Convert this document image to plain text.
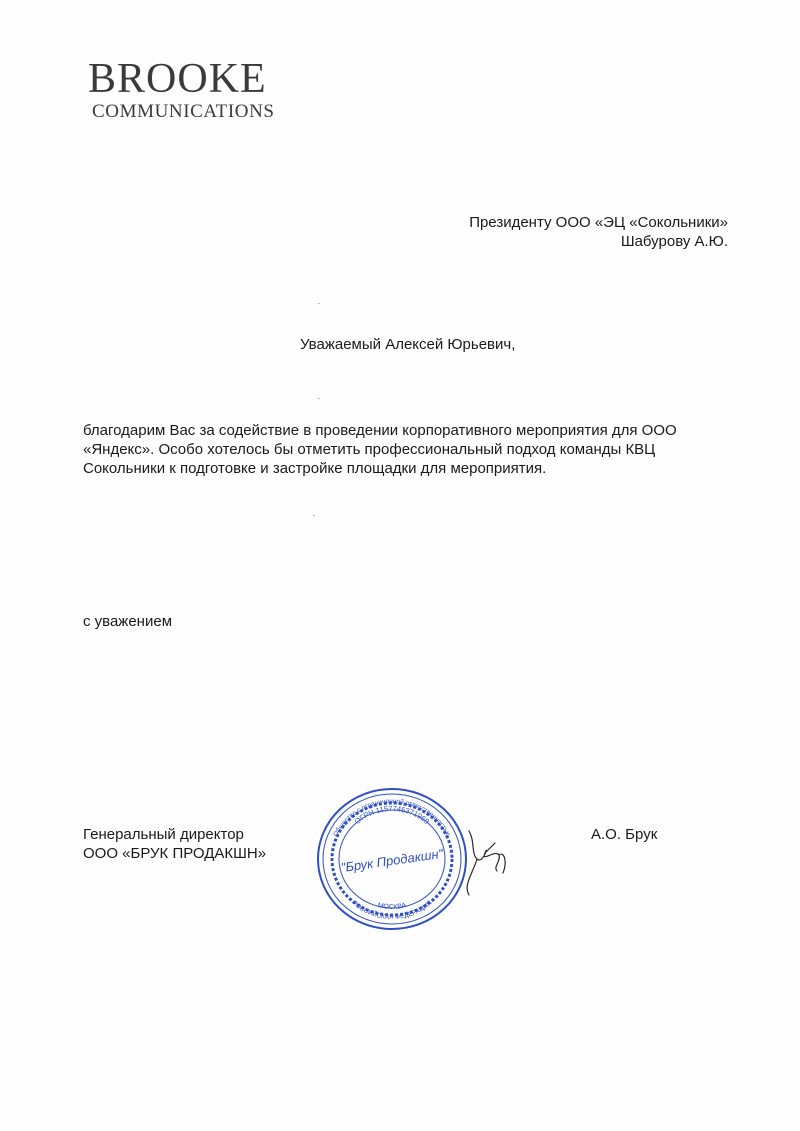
BROOKE
COMMUNICATIONS
Президенту ООО «ЭЦ «Сокольники»
Шабурову А.Ю.
Уважаемый Алексей Юрьевич,

благодарим Вас за содействие в проведении корпоративного мероприятия для ООО

«Яндекс». Особо хотелось бы отметить профессиональный подход команды КВЦ

Сокольники к подготовке и застройке площадки для мероприятия.

с уважением
Генеральный директор
ООО «БРУК ПРОДАКШН»
А.О. Брук
Общество с ограниченной ответственностью
ОГРН 1157746371969
"Брук Продакшн"
МОСКВА
РОССИЙСКАЯ ФЕДЕРАЦИЯ
